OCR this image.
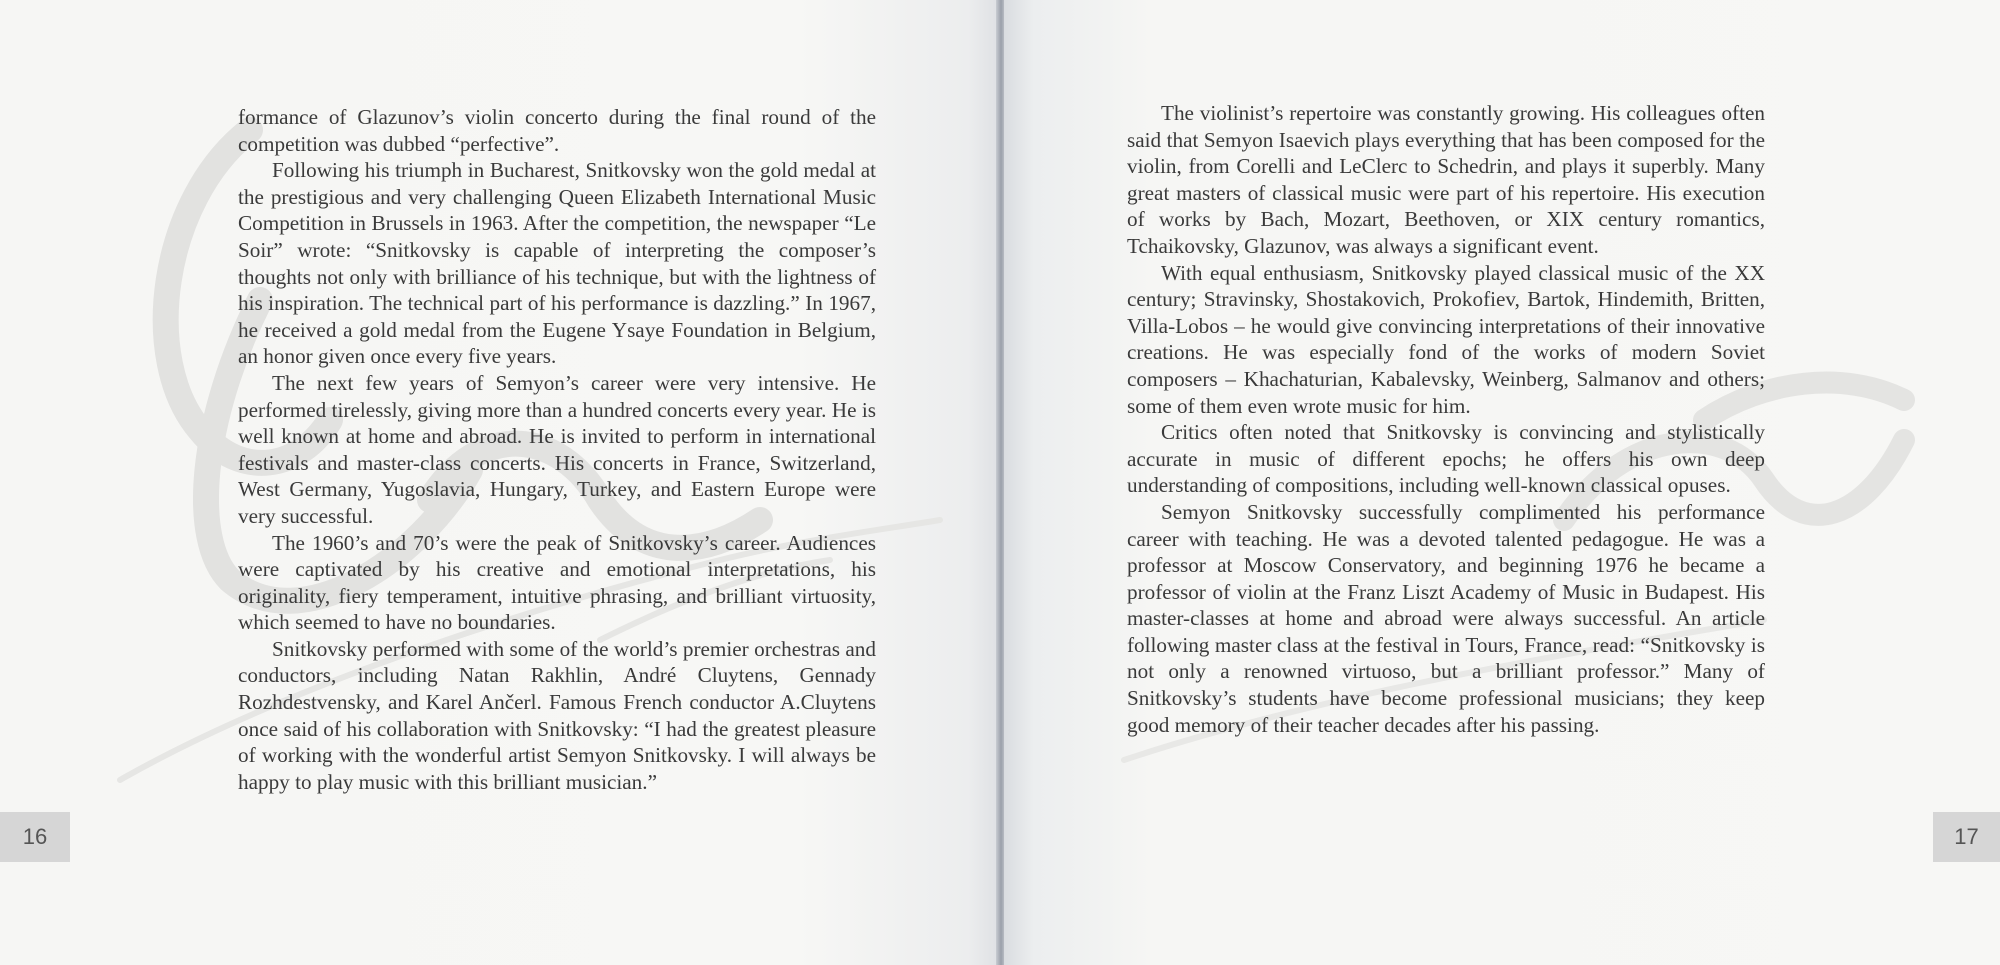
formance of Glazunov’s violin concerto during the final round of the competition was dubbed “perfective”.

Following his triumph in Bucharest, Snitkovsky won the gold medal at the prestigious and very challenging Queen Elizabeth International Music Competition in Brussels in 1963. After the competition, the newspaper “Le Soir” wrote: “Snitkovsky is capable of interpreting the composer’s thoughts not only with brilliance of his technique, but with the lightness of his inspiration. The technical part of his performance is dazzling.” In 1967, he received a gold medal from the Eugene Ysaye Foundation in Belgium, an honor given once every five years.

The next few years of Semyon’s career were very intensive. He performed tirelessly, giving more than a hundred concerts every year. He is well known at home and abroad. He is invited to perform in international festivals and master-class concerts. His concerts in France, Switzerland, West Germany, Yugoslavia, Hungary, Turkey, and Eastern Europe were very successful.

The 1960’s and 70’s were the peak of Snitkovsky’s career. Audiences were captivated by his creative and emotional interpretations, his originality, fiery temperament, intuitive phrasing, and brilliant virtuosity, which seemed to have no boundaries.

Snitkovsky performed with some of the world’s premier orchestras and conductors, including Natan Rakhlin, André Cluytens, Gennady Rozhdestvensky, and Karel Ančerl. Famous French conductor A.Cluytens once said of his collaboration with Snitkovsky: “I had the greatest pleasure of working with the wonderful artist Semyon Snitkovsky. I will always be happy to play music with this brilliant musician.”

16

The violinist’s repertoire was constantly growing. His colleagues often said that Semyon Isaevich plays everything that has been composed for the violin, from Corelli and LeClerc to Schedrin, and plays it superbly. Many great masters of classical music were part of his repertoire. His execution of works by Bach, Mozart, Beethoven, or XIX century romantics, Tchaikovsky, Glazunov, was always a significant event.

With equal enthusiasm, Snitkovsky played classical music of the XX century; Stravinsky, Shostakovich, Prokofiev, Bartok, Hindemith, Britten, Villa-Lobos – he would give convincing interpretations of their innovative creations. He was especially fond of the works of modern Soviet composers – Khachaturian, Kabalevsky, Weinberg, Salmanov and others; some of them even wrote music for him.

Critics often noted that Snitkovsky is convincing and stylistically accurate in music of different epochs; he offers his own deep understanding of compositions, including well-known classical opuses.

Semyon Snitkovsky successfully complimented his performance career with teaching. He was a devoted talented pedagogue. He was a professor at Moscow Conservatory, and beginning 1976 he became a professor of violin at the Franz Liszt Academy of Music in Budapest. His master-classes at home and abroad were always successful. An article following master class at the festival in Tours, France, read: “Snitkovsky is not only a renowned virtuoso, but a brilliant professor.” Many of Snitkovsky’s students have become professional musicians; they keep good memory of their teacher decades after his passing.

17
